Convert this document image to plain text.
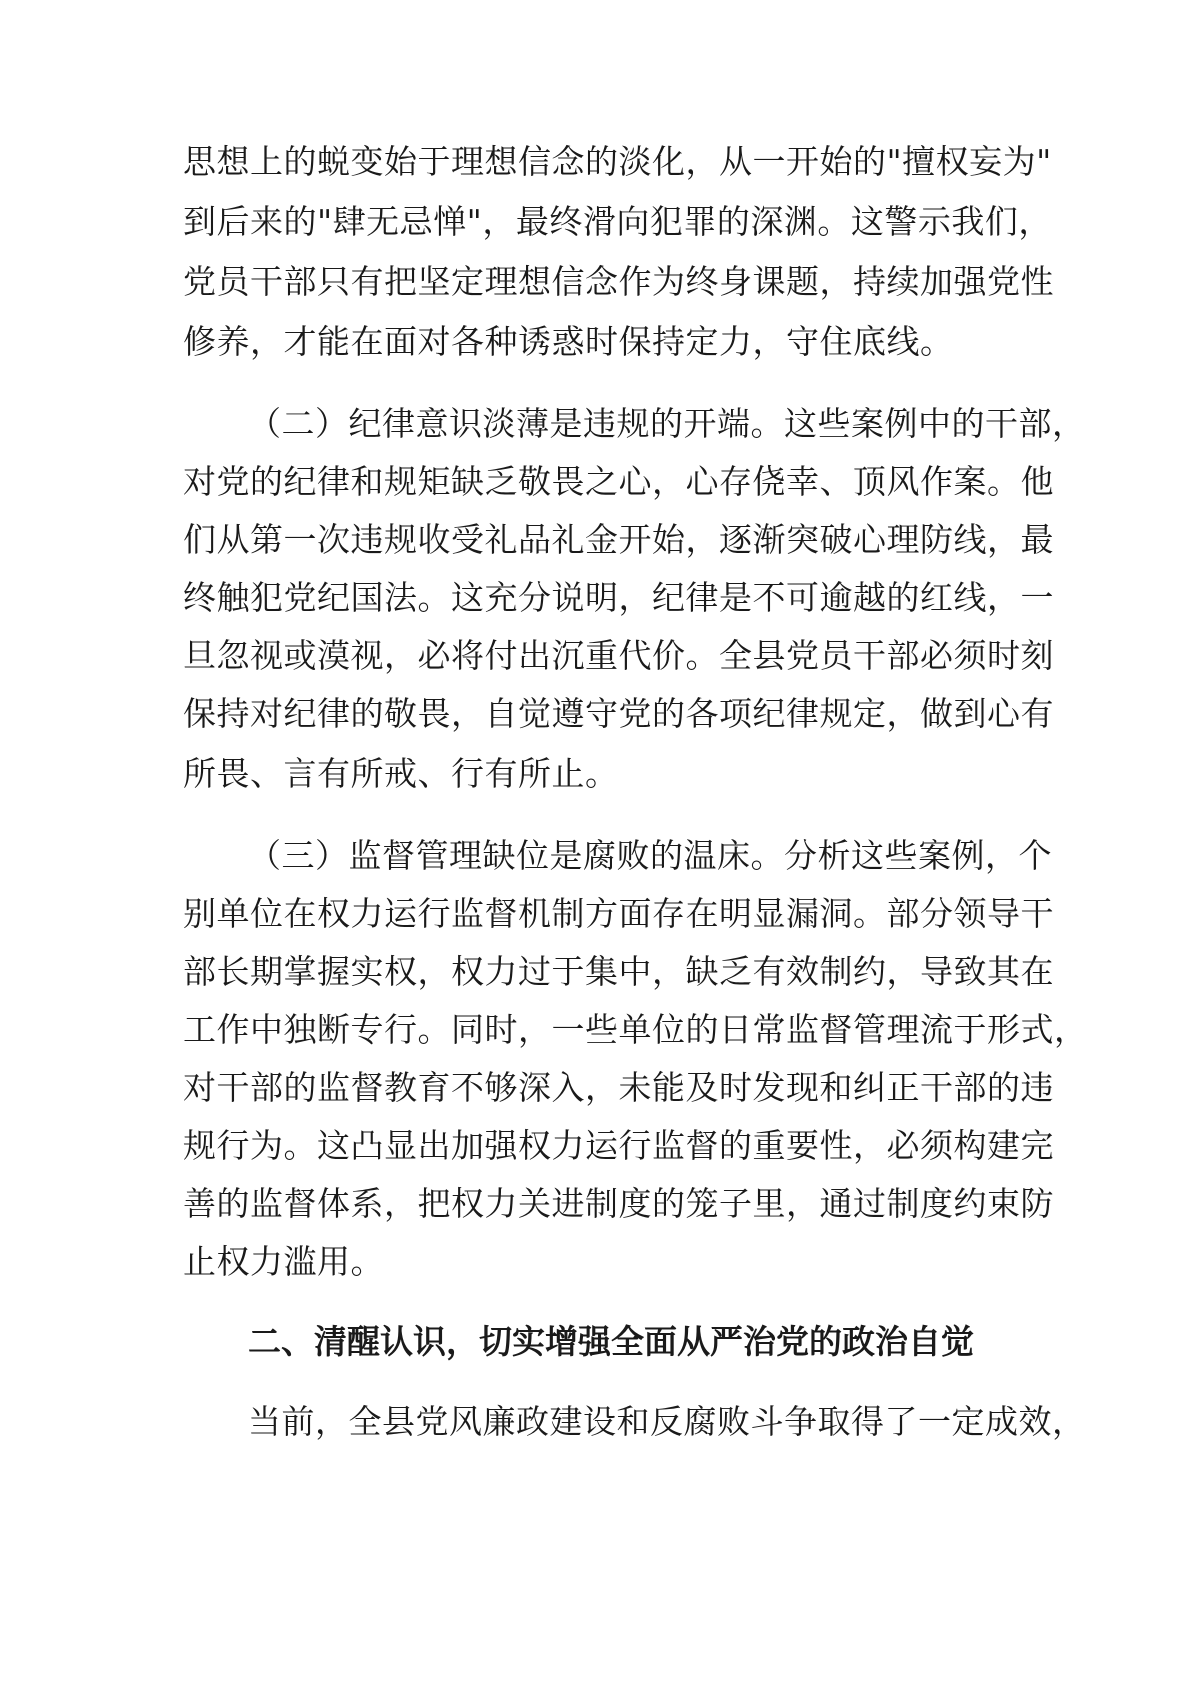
思想上的蜕变始于理想信念的淡化，从一开始的"擅权妄为"
到后来的"肆无忌惮"，最终滑向犯罪的深渊。这警示我们，
党员干部只有把坚定理想信念作为终身课题，持续加强党性
修养，才能在面对各种诱惑时保持定力，守住底线。
（二）纪律意识淡薄是违规的开端。这些案例中的干部，
对党的纪律和规矩缺乏敬畏之心，心存侥幸、顶风作案。他
们从第一次违规收受礼品礼金开始，逐渐突破心理防线，最
终触犯党纪国法。这充分说明，纪律是不可逾越的红线，一
旦忽视或漠视，必将付出沉重代价。全县党员干部必须时刻
保持对纪律的敬畏，自觉遵守党的各项纪律规定，做到心有
所畏、言有所戒、行有所止。
（三）监督管理缺位是腐败的温床。分析这些案例，个
别单位在权力运行监督机制方面存在明显漏洞。部分领导干
部长期掌握实权，权力过于集中，缺乏有效制约，导致其在
工作中独断专行。同时，一些单位的日常监督管理流于形式，
对干部的监督教育不够深入，未能及时发现和纠正干部的违
规行为。这凸显出加强权力运行监督的重要性，必须构建完
善的监督体系，把权力关进制度的笼子里，通过制度约束防
止权力滥用。
二、清醒认识，切实增强全面从严治党的政治自觉
当前，全县党风廉政建设和反腐败斗争取得了一定成效，
